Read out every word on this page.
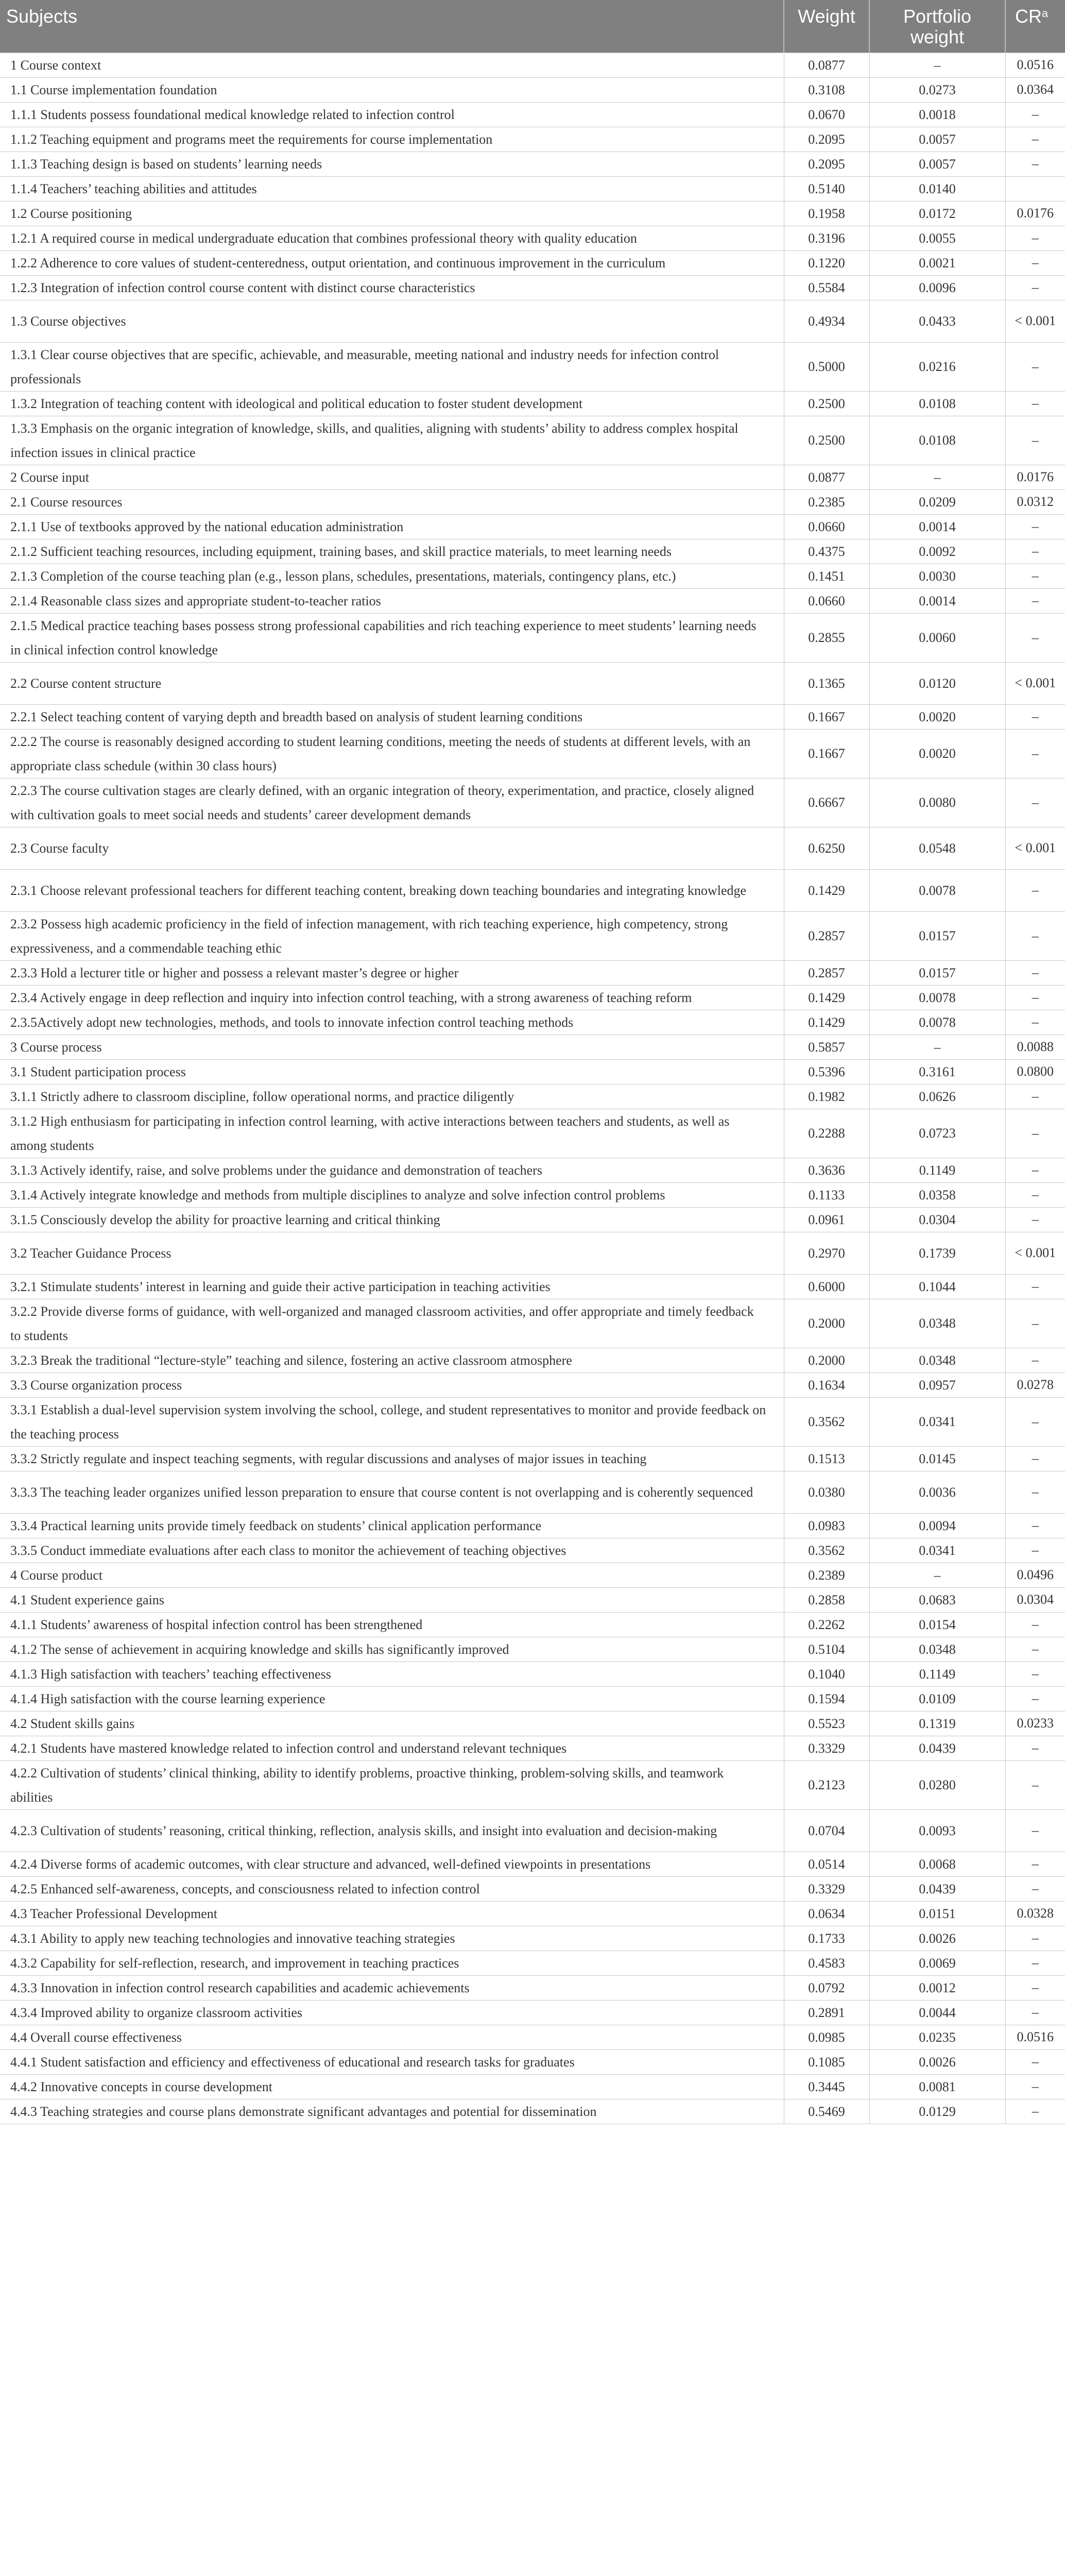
Subjects	Weight	Portfolio weight	$CR^a$
1 Course context	0.0877	–	0.0516
1.1 Course implementation foundation	0.3108	0.0273	0.0364
1.1.1 Students possess foundational medical knowledge related to infection control	0.0670	0.0018	–
1.1.2 Teaching equipment and programs meet the requirements for course implementation	0.2095	0.0057	–
1.1.3 Teaching design is based on students’ learning needs	0.2095	0.0057	–
1.1.4 Teachers’ teaching abilities and attitudes	0.5140	0.0140	
1.2 Course positioning	0.1958	0.0172	0.0176
1.2.1 A required course in medical undergraduate education that combines professional theory with quality education	0.3196	0.0055	–
1.2.2 Adherence to core values of student-centeredness, output orientation, and continuous improvement in the curriculum	0.1220	0.0021	–
1.2.3 Integration of infection control course content with distinct course characteristics	0.5584	0.0096	–
1.3 Course objectives	0.4934	0.0433	< 0.001
1.3.1 Clear course objectives that are specific, achievable, and measurable, meeting national and industry needs for infection control professionals	0.5000	0.0216	–
1.3.2 Integration of teaching content with ideological and political education to foster student development	0.2500	0.0108	–
1.3.3 Emphasis on the organic integration of knowledge, skills, and qualities, aligning with students’ ability to address complex hospital infection issues in clinical practice	0.2500	0.0108	–
2 Course input	0.0877	–	0.0176
2.1 Course resources	0.2385	0.0209	0.0312
2.1.1 Use of textbooks approved by the national education administration	0.0660	0.0014	–
2.1.2 Sufficient teaching resources, including equipment, training bases, and skill practice materials, to meet learning needs	0.4375	0.0092	–
2.1.3 Completion of the course teaching plan (e.g., lesson plans, schedules, presentations, materials, contingency plans, etc.)	0.1451	0.0030	–
2.1.4 Reasonable class sizes and appropriate student-to-teacher ratios	0.0660	0.0014	–
2.1.5 Medical practice teaching bases possess strong professional capabilities and rich teaching experience to meet students’ learning needs in clinical infection control knowledge	0.2855	0.0060	–
2.2 Course content structure	0.1365	0.0120	< 0.001
2.2.1 Select teaching content of varying depth and breadth based on analysis of student learning conditions	0.1667	0.0020	–
2.2.2 The course is reasonably designed according to student learning conditions, meeting the needs of students at different levels, with an appropriate class schedule (within 30 class hours)	0.1667	0.0020	–
2.2.3 The course cultivation stages are clearly defined, with an organic integration of theory, experimentation, and practice, closely aligned with cultivation goals to meet social needs and students’ career development demands	0.6667	0.0080	–
2.3 Course faculty	0.6250	0.0548	< 0.001
2.3.1 Choose relevant professional teachers for different teaching content, breaking down teaching boundaries and integrating knowledge	0.1429	0.0078	–
2.3.2 Possess high academic proficiency in the field of infection management, with rich teaching experience, high competency, strong expressiveness, and a commendable teaching ethic	0.2857	0.0157	–
2.3.3 Hold a lecturer title or higher and possess a relevant master’s degree or higher	0.2857	0.0157	–
2.3.4 Actively engage in deep reflection and inquiry into infection control teaching, with a strong awareness of teaching reform	0.1429	0.0078	–
2.3.5Actively adopt new technologies, methods, and tools to innovate infection control teaching methods	0.1429	0.0078	–
3 Course process	0.5857	–	0.0088
3.1 Student participation process	0.5396	0.3161	0.0800
3.1.1 Strictly adhere to classroom discipline, follow operational norms, and practice diligently	0.1982	0.0626	–
3.1.2 High enthusiasm for participating in infection control learning, with active interactions between teachers and students, as well as among students	0.2288	0.0723	–
3.1.3 Actively identify, raise, and solve problems under the guidance and demonstration of teachers	0.3636	0.1149	–
3.1.4 Actively integrate knowledge and methods from multiple disciplines to analyze and solve infection control problems	0.1133	0.0358	–
3.1.5 Consciously develop the ability for proactive learning and critical thinking	0.0961	0.0304	–
3.2 Teacher Guidance Process	0.2970	0.1739	< 0.001
3.2.1 Stimulate students’ interest in learning and guide their active participation in teaching activities	0.6000	0.1044	–
3.2.2 Provide diverse forms of guidance, with well-organized and managed classroom activities, and offer appropriate and timely feedback to students	0.2000	0.0348	–
3.2.3 Break the traditional “lecture-style” teaching and silence, fostering an active classroom atmosphere	0.2000	0.0348	–
3.3 Course organization process	0.1634	0.0957	0.0278
3.3.1 Establish a dual-level supervision system involving the school, college, and student representatives to monitor and provide feedback on the teaching process	0.3562	0.0341	–
3.3.2 Strictly regulate and inspect teaching segments, with regular discussions and analyses of major issues in teaching	0.1513	0.0145	–
3.3.3 The teaching leader organizes unified lesson preparation to ensure that course content is not overlapping and is coherently sequenced	0.0380	0.0036	–
3.3.4 Practical learning units provide timely feedback on students’ clinical application performance	0.0983	0.0094	–
3.3.5 Conduct immediate evaluations after each class to monitor the achievement of teaching objectives	0.3562	0.0341	–
4 Course product	0.2389	–	0.0496
4.1 Student experience gains	0.2858	0.0683	0.0304
4.1.1 Students’ awareness of hospital infection control has been strengthened	0.2262	0.0154	–
4.1.2 The sense of achievement in acquiring knowledge and skills has significantly improved	0.5104	0.0348	–
4.1.3 High satisfaction with teachers’ teaching effectiveness	0.1040	0.1149	–
4.1.4 High satisfaction with the course learning experience	0.1594	0.0109	–
4.2 Student skills gains	0.5523	0.1319	0.0233
4.2.1 Students have mastered knowledge related to infection control and understand relevant techniques	0.3329	0.0439	–
4.2.2 Cultivation of students’ clinical thinking, ability to identify problems, proactive thinking, problem-solving skills, and teamwork abilities	0.2123	0.0280	–
4.2.3 Cultivation of students’ reasoning, critical thinking, reflection, analysis skills, and insight into evaluation and decision-making	0.0704	0.0093	–
4.2.4 Diverse forms of academic outcomes, with clear structure and advanced, well-defined viewpoints in presentations	0.0514	0.0068	–
4.2.5 Enhanced self-awareness, concepts, and consciousness related to infection control	0.3329	0.0439	–
4.3 Teacher Professional Development	0.0634	0.0151	0.0328
4.3.1 Ability to apply new teaching technologies and innovative teaching strategies	0.1733	0.0026	–
4.3.2 Capability for self-reflection, research, and improvement in teaching practices	0.4583	0.0069	–
4.3.3 Innovation in infection control research capabilities and academic achievements	0.0792	0.0012	–
4.3.4 Improved ability to organize classroom activities	0.2891	0.0044	–
4.4 Overall course effectiveness	0.0985	0.0235	0.0516
4.4.1 Student satisfaction and efficiency and effectiveness of educational and research tasks for graduates	0.1085	0.0026	–
4.4.2 Innovative concepts in course development	0.3445	0.0081	–
4.4.3 Teaching strategies and course plans demonstrate significant advantages and potential for dissemination	0.5469	0.0129	–
